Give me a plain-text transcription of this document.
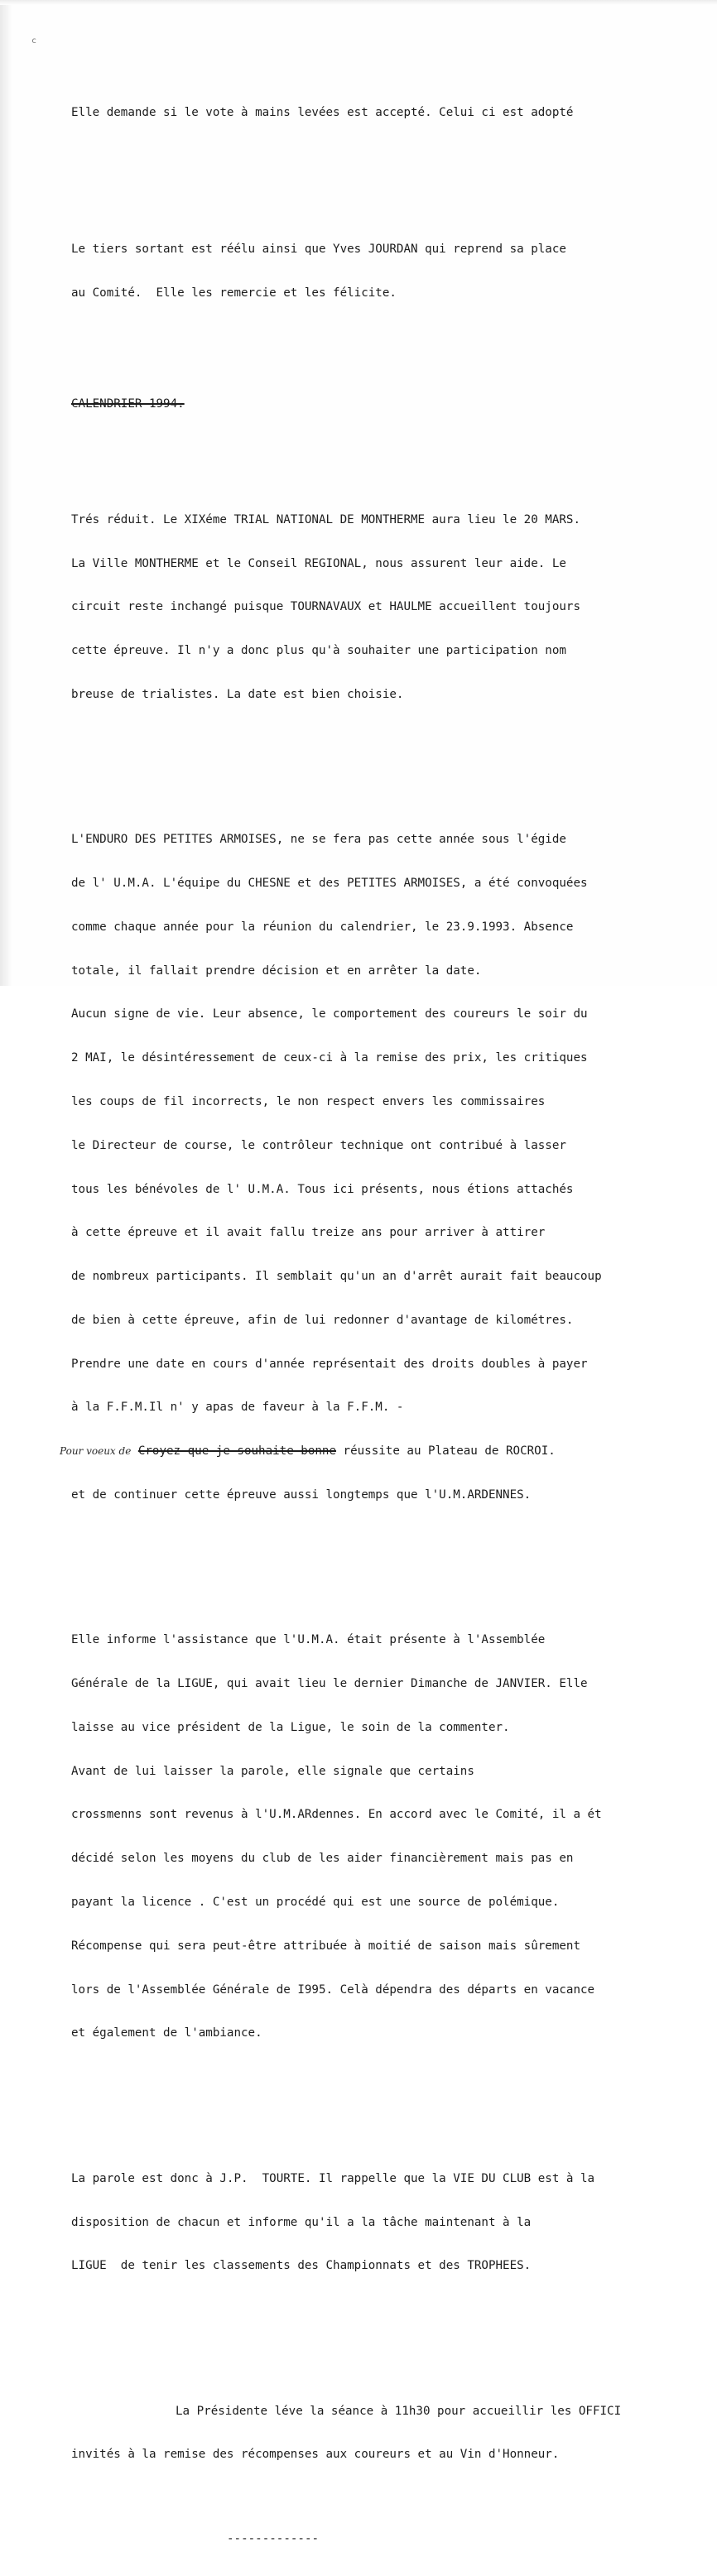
c

Elle demande si le vote à mains levées est accepté. Celui ci est adopté

Le tiers sortant est réélu ainsi que Yves JOURDAN qui reprend sa place

au Comité.  Elle les remercie et les félicite.

CALENDRIER-1994.

Trés réduit. Le XIXéme TRIAL NATIONAL DE MONTHERME aura lieu le 20 MARS.

La Ville MONTHERME et le Conseil REGIONAL, nous assurent leur aide. Le

circuit reste inchangé puisque TOURNAVAUX et HAULME accueillent toujours

cette épreuve. Il n'y a donc plus qu'à souhaiter une participation nom

breuse de trialistes. La date est bien choisie.

L'ENDURO DES PETITES ARMOISES, ne se fera pas cette année sous l'égide

de l' U.M.A. L'équipe du CHESNE et des PETITES ARMOISES, a été convoquées

comme chaque année pour la réunion du calendrier, le 23.9.1993. Absence

totale, il fallait prendre décision et en arrêter la date.

Aucun signe de vie. Leur absence, le comportement des coureurs le soir du

2 MAI, le désintéressement de ceux-ci à la remise des prix, les critiques

les coups de fil incorrects, le non respect envers les commissaires

le Directeur de course, le contrôleur technique ont contribué à lasser

tous les bénévoles de l' U.M.A. Tous ici présents, nous étions attachés

à cette épreuve et il avait fallu treize ans pour arriver à attirer

de nombreux participants. Il semblait qu'un an d'arrêt aurait fait beaucoup

de bien à cette épreuve, afin de lui redonner d'avantage de kilométres.

Prendre une date en cours d'année représentait des droits doubles à payer

à la F.F.M.Il n' y apas de faveur à la F.F.M. -

Pour voeux de Croyez que je souhaite bonne réussite au Plateau de ROCROI.

et de continuer cette épreuve aussi longtemps que l'U.M.ARDENNES.

Elle informe l'assistance que l'U.M.A. était présente à l'Assemblée

Générale de la LIGUE, qui avait lieu le dernier Dimanche de JANVIER. Elle

laisse au vice président de la Ligue, le soin de la commenter.

Avant de lui laisser la parole, elle signale que certains

crossmenns sont revenus à l'U.M.ARdennes. En accord avec le Comité, il a ét

décidé selon les moyens du club de les aider financièrement mais pas en

payant la licence . C'est un procédé qui est une source de polémique.

Récompense qui sera peut-être attribuée à moitié de saison mais sûrement

lors de l'Assemblée Générale de I995. Celà dépendra des départs en vacance

et également de l'ambiance.

La parole est donc à J.P.  TOURTE. Il rappelle que la VIE DU CLUB est à la

disposition de chacun et informe qu'il a la tâche maintenant à la

LIGUE  de tenir les classements des Championnats et des TROPHEES.

La Présidente léve la séance à 11h30 pour accueillir les OFFICI

invités à la remise des récompenses aux coureurs et au Vin d'Honneur.

-------------
